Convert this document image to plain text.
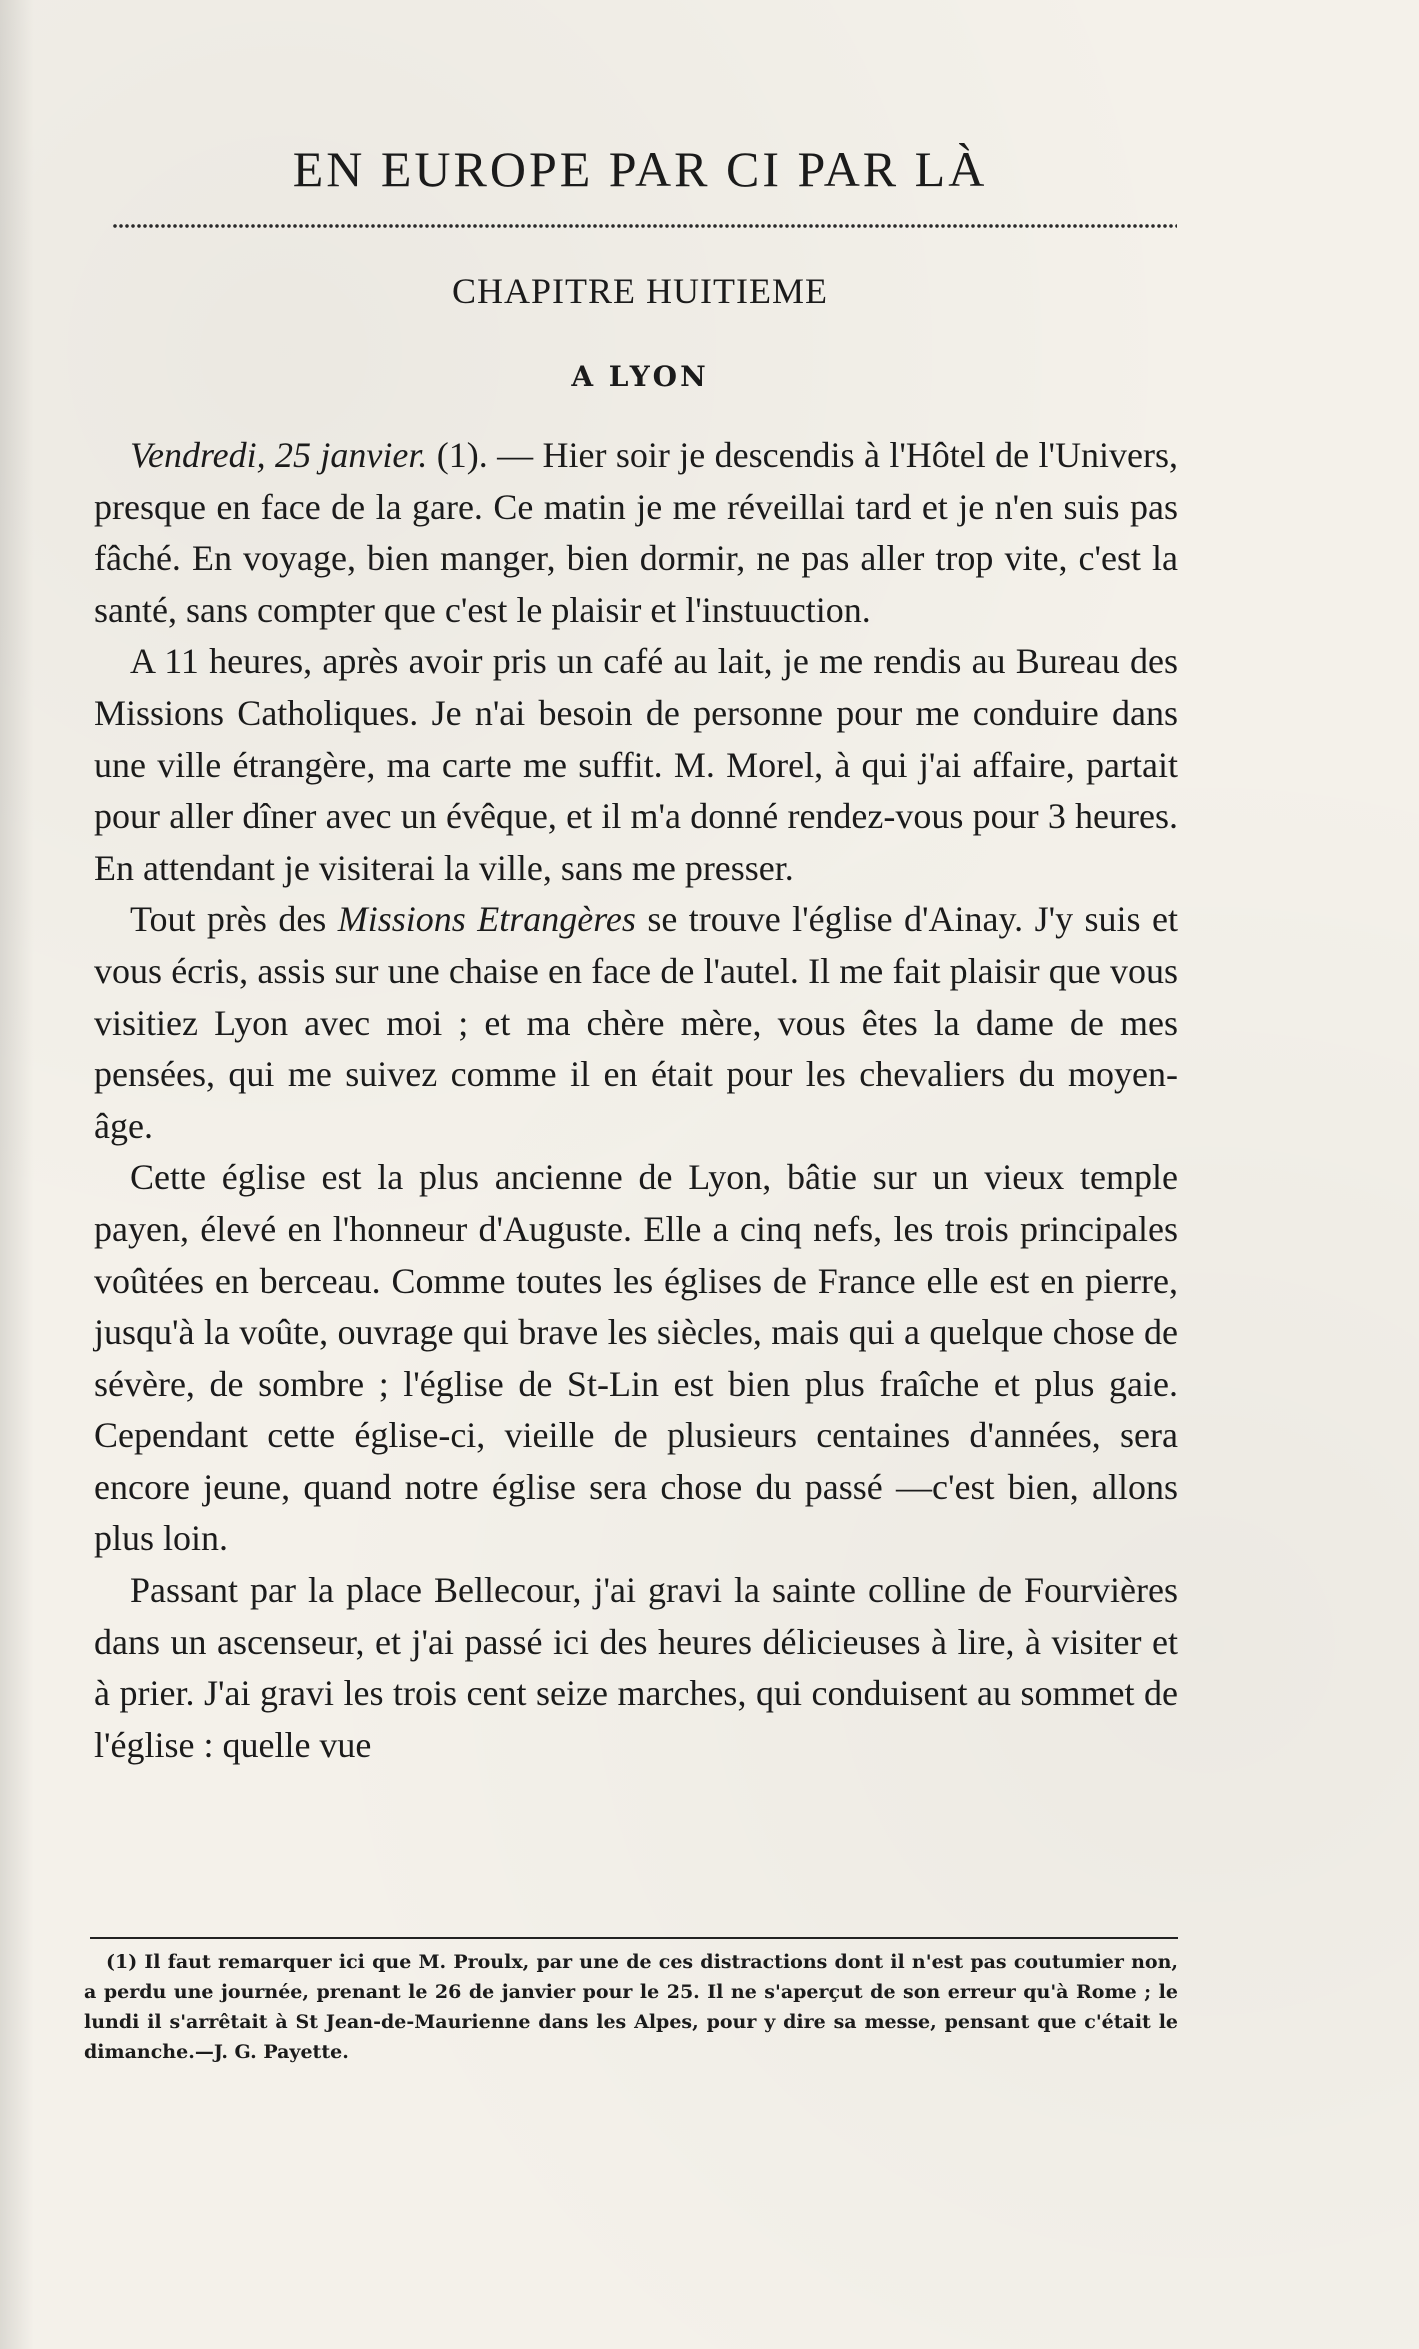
EN EUROPE PAR CI PAR LÀ
CHAPITRE HUITIEME
A LYON

Vendredi, 25 janvier. (1). — Hier soir je descendis à l'Hôtel de l'Univers, presque en face de la gare. Ce matin je me réveillai tard et je n'en suis pas fâché. En voyage, bien manger, bien dormir, ne pas aller trop vite, c'est la santé, sans compter que c'est le plaisir et l'instuuction.

A 11 heures, après avoir pris un café au lait, je me rendis au Bureau des Missions Catholiques. Je n'ai besoin de personne pour me conduire dans une ville étrangère, ma carte me suffit. M. Morel, à qui j'ai affaire, partait pour aller dîner avec un évêque, et il m'a donné rendez-vous pour 3 heures. En attendant je visiterai la ville, sans me presser.

Tout près des Missions Etrangères se trouve l'église d'Ainay. J'y suis et vous écris, assis sur une chaise en face de l'autel. Il me fait plaisir que vous visitiez Lyon avec moi ; et ma chère mère, vous êtes la dame de mes pensées, qui me suivez comme il en était pour les chevaliers du moyen-âge.

Cette église est la plus ancienne de Lyon, bâtie sur un vieux temple payen, élevé en l'honneur d'Auguste. Elle a cinq nefs, les trois principales voûtées en berceau. Comme toutes les églises de France elle est en pierre, jusqu'à la voûte, ouvrage qui brave les siècles, mais qui a quelque chose de sévère, de sombre ; l'église de St-Lin est bien plus fraîche et plus gaie. Cependant cette église-ci, vieille de plusieurs centaines d'années, sera encore jeune, quand notre église sera chose du passé —c'est bien, allons plus loin.

Passant par la place Bellecour, j'ai gravi la sainte colline de Fourvières dans un ascenseur, et j'ai passé ici des heures délicieuses à lire, à visiter et à prier. J'ai gravi les trois cent seize marches, qui conduisent au sommet de l'église : quelle vue

(1) Il faut remarquer ici que M. Proulx, par une de ces distractions dont il n'est pas coutumier non, a perdu une journée, prenant le 26 de janvier pour le 25. Il ne s'aperçut de son erreur qu'à Rome ; le lundi il s'arrêtait à St Jean-de-Maurienne dans les Alpes, pour y dire sa messe, pensant que c'était le dimanche.—J. G. Payette.
